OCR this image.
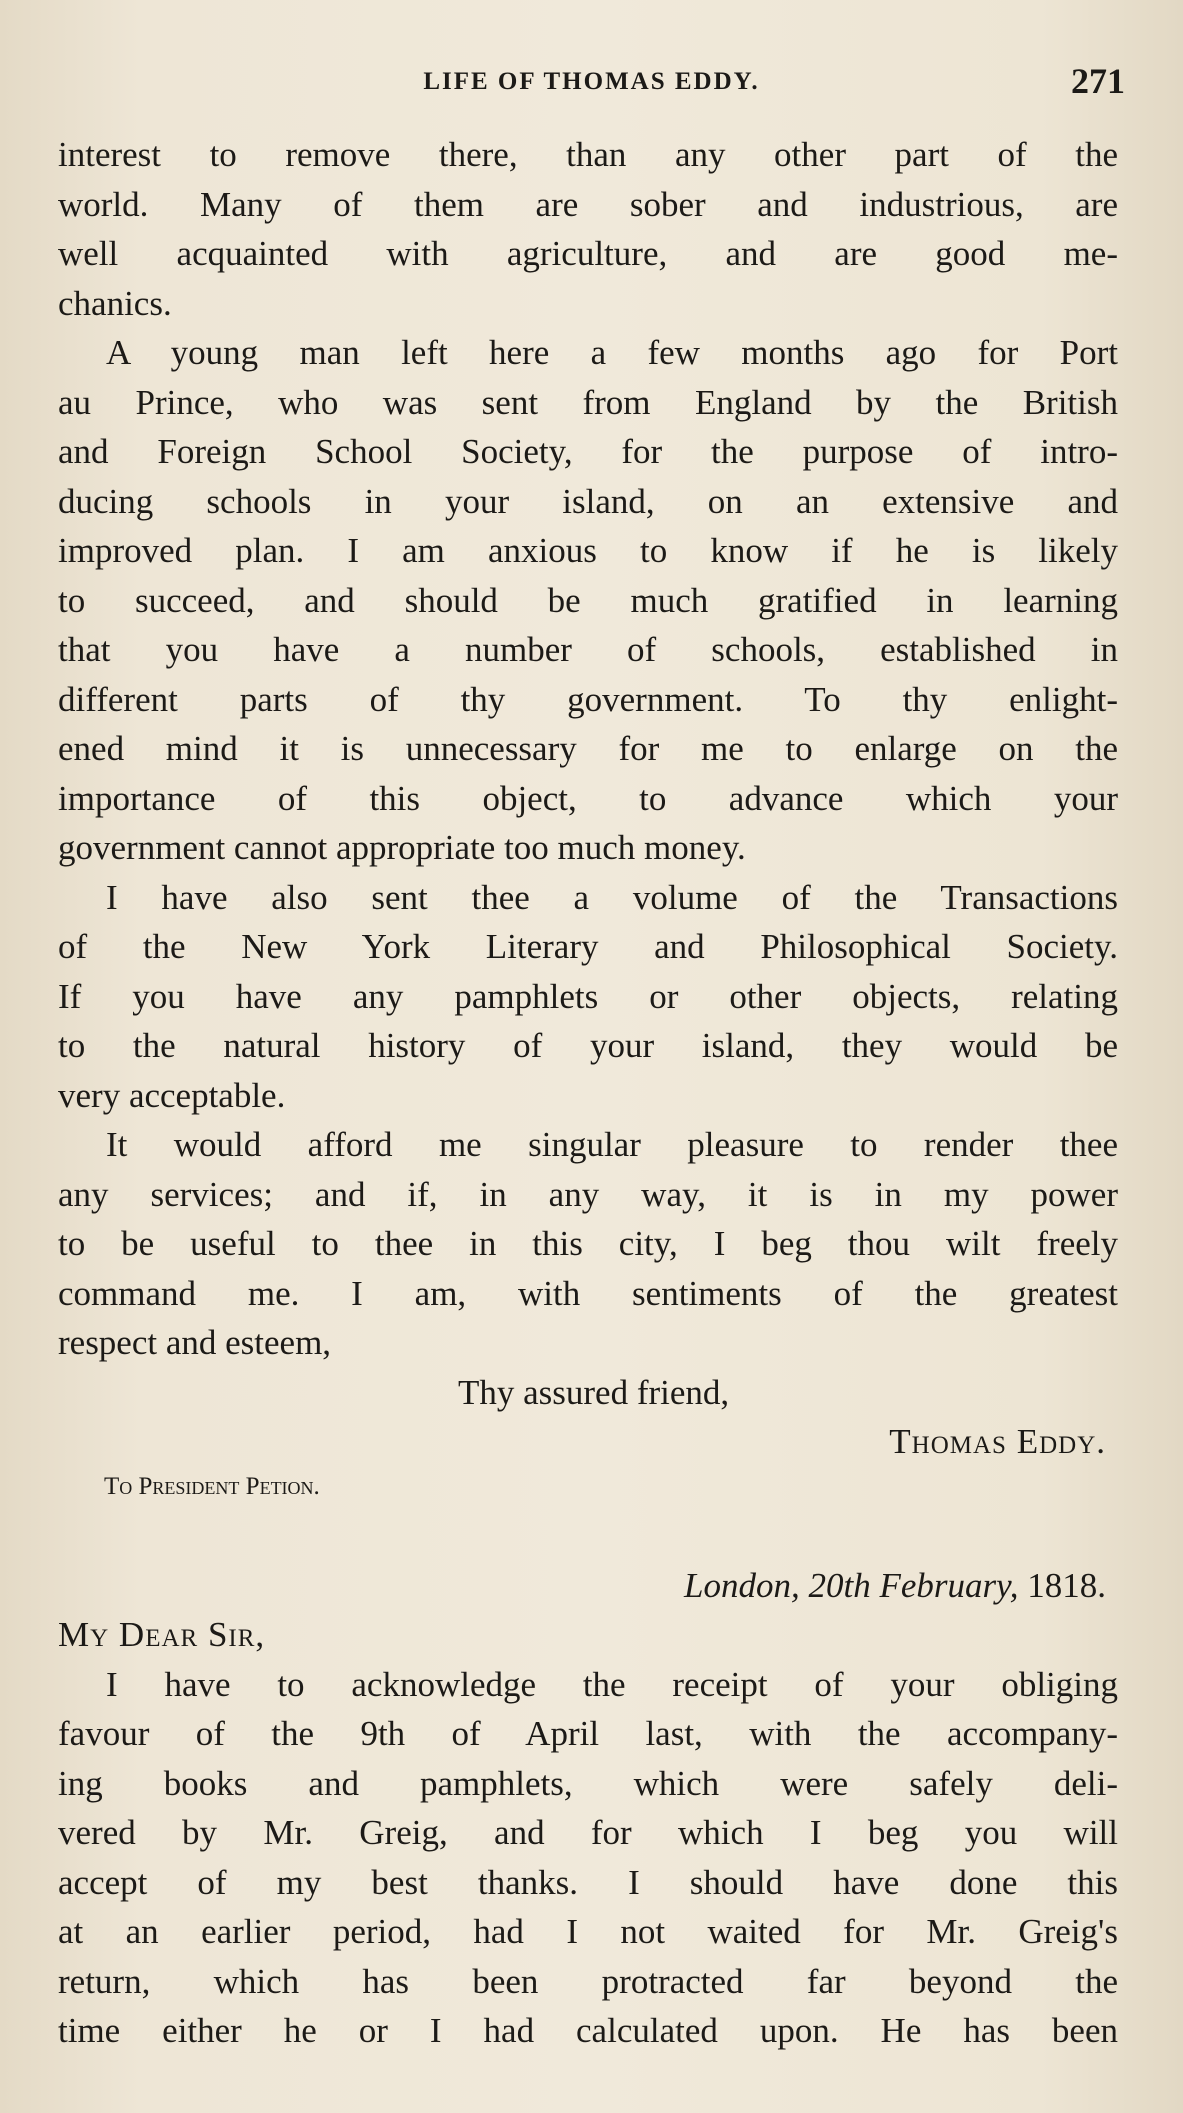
LIFE OF THOMAS EDDY.	271
interest to remove there, than any other part of the
world. Many of them are sober and industrious, are
well acquainted with agriculture, and are good me-
chanics.
A young man left here a few months ago for Port
au Prince, who was sent from England by the British
and Foreign School Society, for the purpose of intro-
ducing schools in your island, on an extensive and
improved plan. I am anxious to know if he is likely
to succeed, and should be much gratified in learning
that you have a number of schools, established in
different parts of thy government. To thy enlight-
ened mind it is unnecessary for me to enlarge on the
importance of this object, to advance which your
government cannot appropriate too much money.
I have also sent thee a volume of the Transactions
of the New York Literary and Philosophical Society.
If you have any pamphlets or other objects, relating
to the natural history of your island, they would be
very acceptable.
It would afford me singular pleasure to render thee
any services; and if, in any way, it is in my power
to be useful to thee in this city, I beg thou wilt freely
command me. I am, with sentiments of the greatest
respect and esteem,
Thy assured friend,
Thomas Eddy.
To President Petion.
London, 20th February, 1818.
My Dear Sir,
I have to acknowledge the receipt of your obliging
favour of the 9th of April last, with the accompany-
ing books and pamphlets, which were safely deli-
vered by Mr. Greig, and for which I beg you will
accept of my best thanks. I should have done this
at an earlier period, had I not waited for Mr. Greig's
return, which has been protracted far beyond the
time either he or I had calculated upon. He has been
